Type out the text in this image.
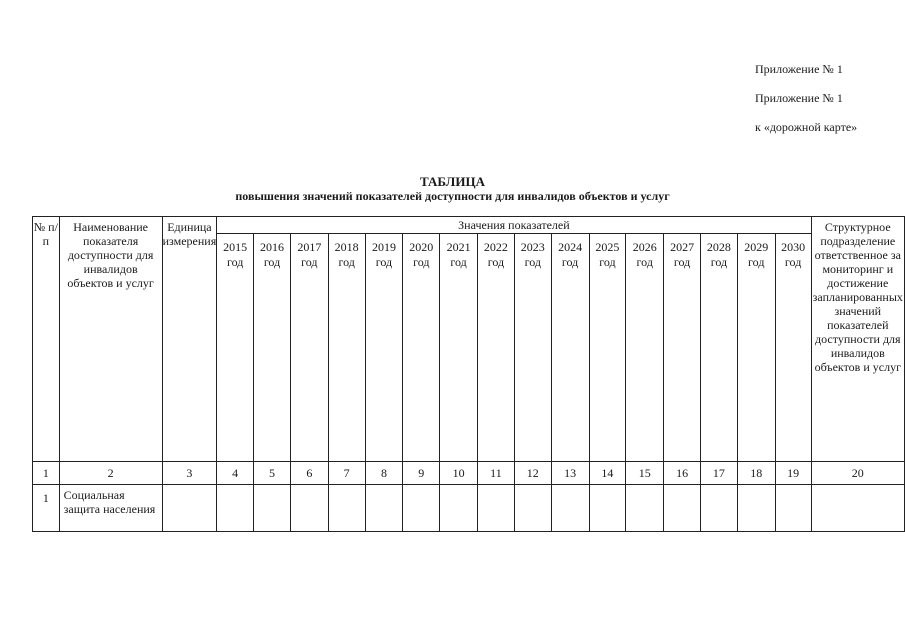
Приложение № 1
Приложение № 1
к «дорожной карте»
ТАБЛИЦА
повышения значений показателей доступности для инвалидов объектов и услуг
№ п/п	Наименование показателя доступности для инвалидов объектов и услуг	Единица измерения	Значения показателей																Структурное подразделение ответственное за мониторинг и достижение запланированных значений показателей доступности для инвалидов объектов и услуг
			2015 год	2016 год	2017 год	2018 год	2019 год	2020 год	2021 год	2022 год	2023 год	2024 год	2025 год	2026 год	2027 год	2028 год	2029 год	2030 год	
1	2	3	4	5	6	7	8	9	10	11	12	13	14	15	16	17	18	19	20
1	Социальная защита населения																		
